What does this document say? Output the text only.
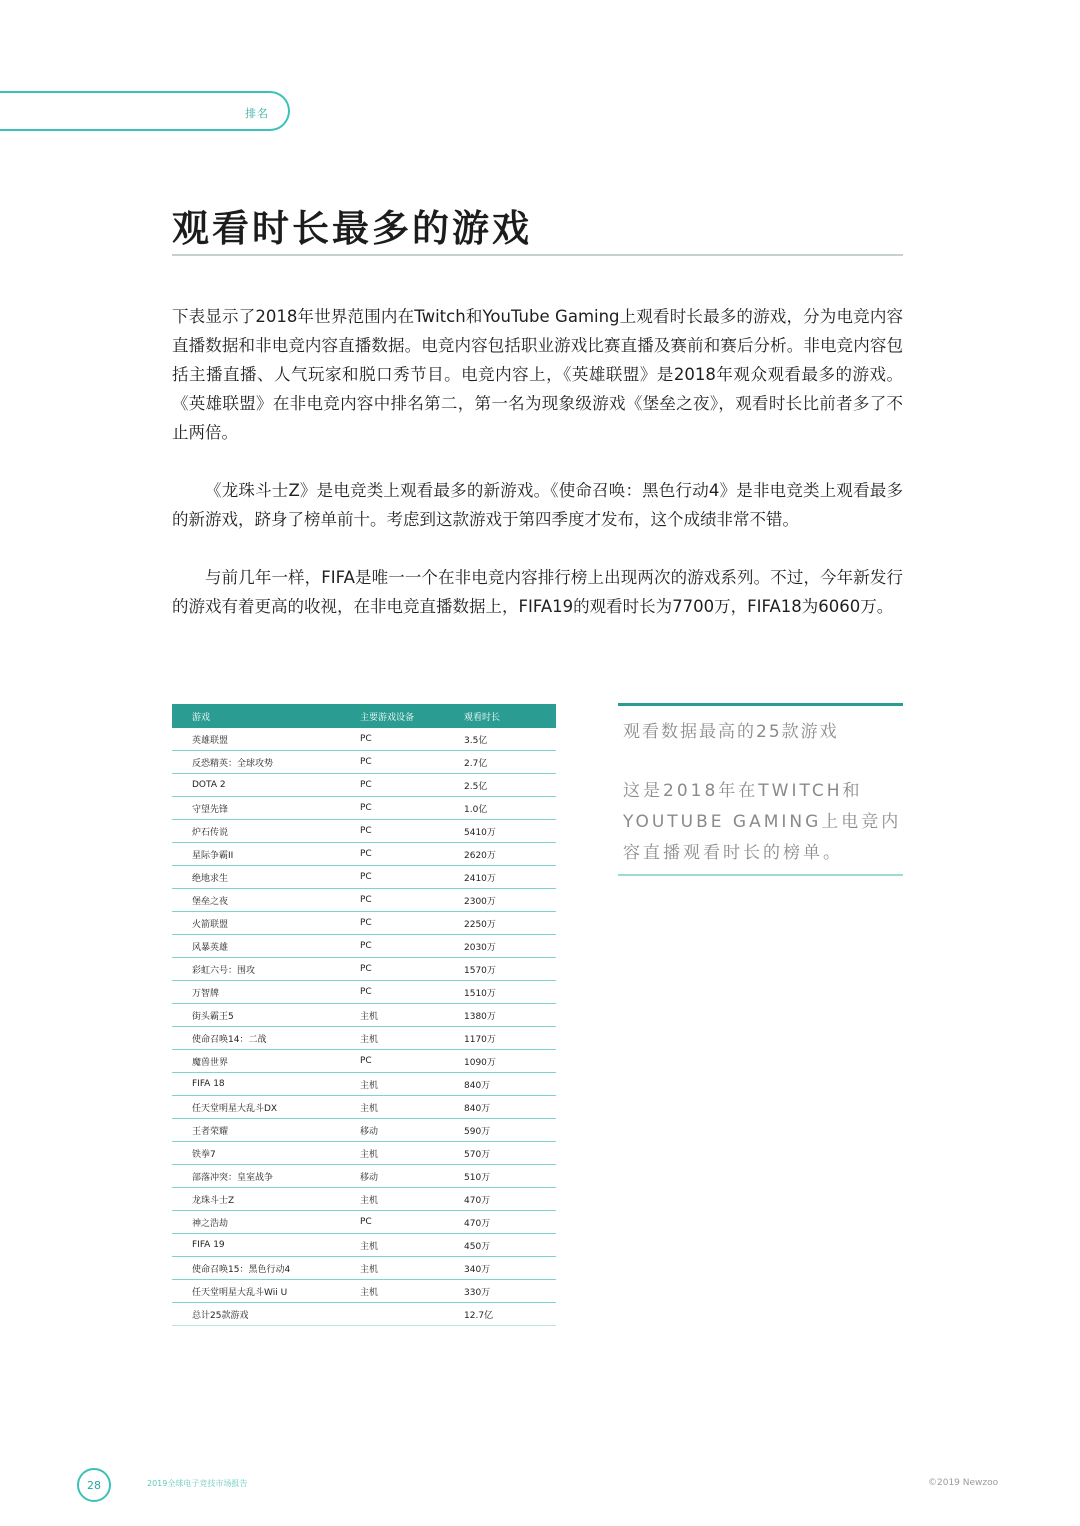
排名
观看时长最多的游戏

下表显示了2018年世界范围内在Twitch和YouTube Gaming上观看时长最多的游戏，分为电竞内容直播数据和非电竞内容直播数据。电竞内容包括职业游戏比赛直播及赛前和赛后分析。非电竞内容包括主播直播、人气玩家和脱口秀节目。电竞内容上，《英雄联盟》是2018年观众观看最多的游戏。《英雄联盟》在非电竞内容中排名第二，第一名为现象级游戏《堡垒之夜》，观看时长比前者多了不止两倍。

《龙珠斗士Z》是电竞类上观看最多的新游戏。《使命召唤：黑色行动4》是非电竞类上观看最多的新游戏，跻身了榜单前十。考虑到这款游戏于第四季度才发布，这个成绩非常不错。

与前几年一样，FIFA是唯一一个在非电竞内容排行榜上出现两次的游戏系列。不过，今年新发行的游戏有着更高的收视，在非电竞直播数据上，FIFA19的观看时长为7700万，FIFA18为6060万。

游戏	主要游戏设备	观看时长
英雄联盟	PC	3.5亿
反恐精英：全球攻势	PC	2.7亿
DOTA 2	PC	2.5亿
守望先锋	PC	1.0亿
炉石传说	PC	5410万
星际争霸II	PC	2620万
绝地求生	PC	2410万
堡垒之夜	PC	2300万
火箭联盟	PC	2250万
风暴英雄	PC	2030万
彩虹六号：围攻	PC	1570万
万智牌	PC	1510万
街头霸王5	主机	1380万
使命召唤14：二战	主机	1170万
魔兽世界	PC	1090万
FIFA 18	主机	840万
任天堂明星大乱斗DX	主机	840万
王者荣耀	移动	590万
铁拳7	主机	570万
部落冲突：皇室战争	移动	510万
龙珠斗士Z	主机	470万
神之浩劫	PC	470万
FIFA 19	主机	450万
使命召唤15：黑色行动4	主机	340万
任天堂明星大乱斗Wii U	主机	330万
总计25款游戏		12.7亿

观看数据最高的25款游戏

这是2018年在TWITCH和YOUTUBE GAMING上电竞内容直播观看时长的榜单。

28	2019全球电子竞技市场报告	©2019 Newzoo
